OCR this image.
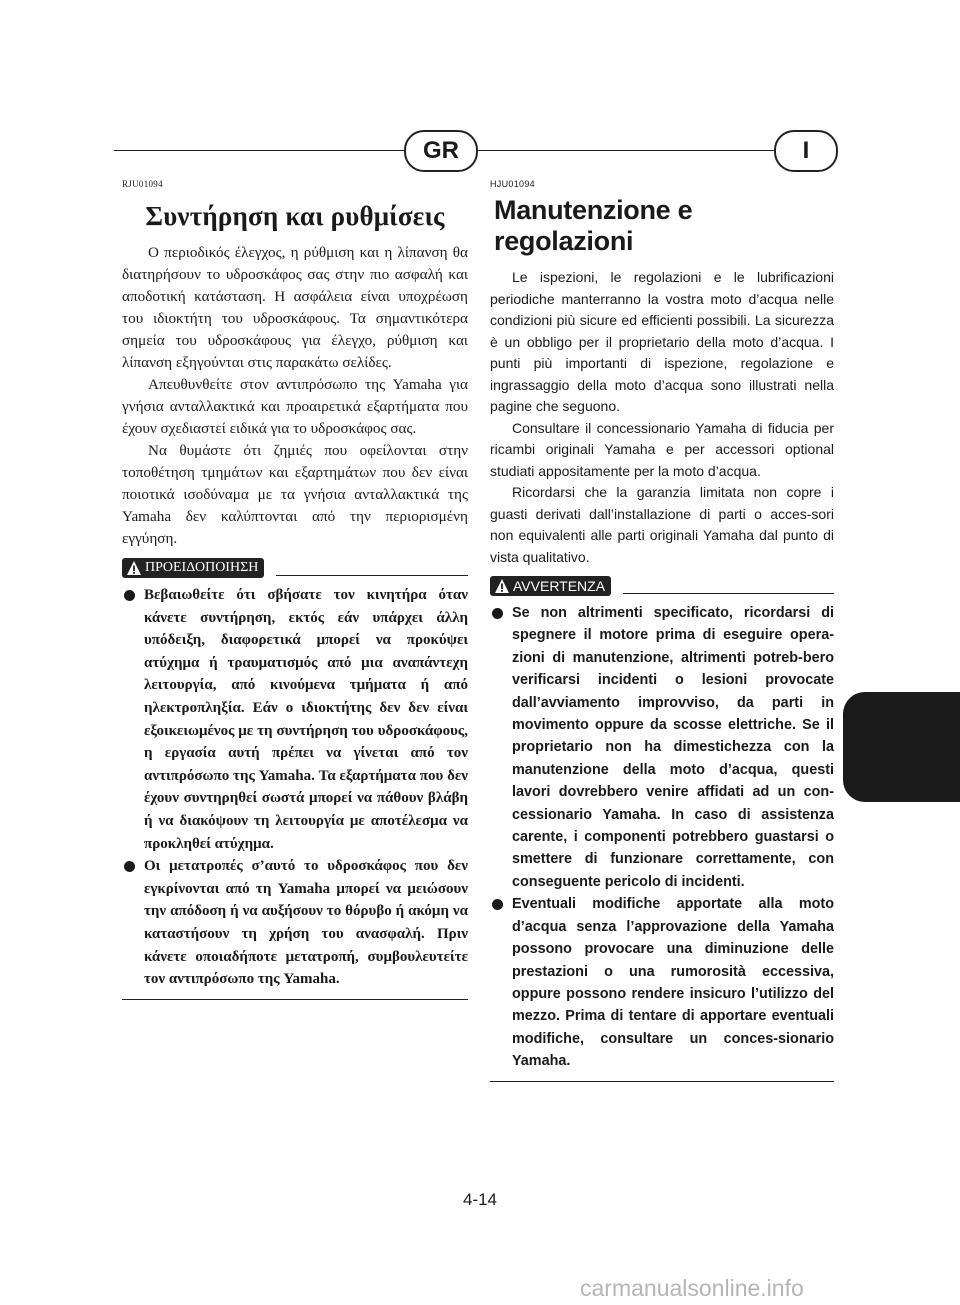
GR	I
RJU01094
Συντήρηση και ρυθμίσεις

Ο περιοδικός έλεγχος, η ρύθμιση και η λίπανση θα διατηρήσουν το υδροσκάφος σας στην πιο ασφαλή και αποδοτική κατάσταση. Η ασφάλεια είναι υποχρέωση του ιδιοκτήτη του υδροσκάφους. Τα σημαντικότερα σημεία του υδροσκάφους για έλεγχο, ρύθμιση και λίπανση εξηγούνται στις παρακάτω σελίδες.

Απευθυνθείτε στον αντιπρόσωπο της Yamaha για γνήσια ανταλλακτικά και προαιρετικά εξαρτήματα που έχουν σχεδιαστεί ειδικά για το υδροσκάφος σας.

Να θυμάστε ότι ζημιές που οφείλονται στην τοποθέτηση τμημάτων και εξαρτημάτων που δεν είναι ποιοτικά ισοδύναμα με τα γνήσια ανταλλακτικά της Yamaha δεν καλύπτονται από την περιορισμένη εγγύηση.

ΠΡΟΕΙΔΟΠΟΙΗΣΗ
Βεβαιωθείτε ότι σβήσατε τον κινητήρα όταν κάνετε συντήρηση, εκτός εάν υπάρχει άλλη υπόδειξη, διαφορετικά μπορεί να προκύψει ατύχημα ή τραυματισμός από μια αναπάντεχη λειτουργία, από κινούμενα τμήματα ή από ηλεκτροπληξία. Εάν ο ιδιοκτήτης δεν δεν είναι εξοικειωμένος με τη συντήρηση του υδροσκάφους, η εργασία αυτή πρέπει να γίνεται από τον αντιπρόσωπο της Yamaha. Τα εξαρτήματα που δεν έχουν συντηρηθεί σωστά μπορεί να πάθουν βλάβη ή να διακόψουν τη λειτουργία με αποτέλεσμα να προκληθεί ατύχημα.
Οι μετατροπές σ’αυτό το υδροσκάφος που δεν εγκρίνονται από τη Yamaha μπορεί να μειώσουν την απόδοση ή να αυξήσουν το θόρυβο ή ακόμη να καταστήσουν τη χρήση του ανασφαλή. Πριν κάνετε οποιαδήποτε μετατροπή, συμβουλευτείτε τον αντιπρόσωπο της Yamaha.
HJU01094
Manutenzione e regolazioni

Le ispezioni, le regolazioni e le lubrificazioni periodiche manterranno la vostra moto d’acqua nelle condizioni più sicure ed efficienti possibili. La sicurezza è un obbligo per il proprietario della moto d’acqua. I punti più importanti di ispezione, regolazione e ingrassaggio della moto d’acqua sono illustrati nella pagine che seguono.

Consultare il concessionario Yamaha di fiducia per ricambi originali Yamaha e per accessori optional studiati appositamente per la moto d’acqua.

Ricordarsi che la garanzia limitata non copre i guasti derivati dall’installazione di parti o acces-sori non equivalenti alle parti originali Yamaha dal punto di vista qualitativo.

AVVERTENZA
Se non altrimenti specificato, ricordarsi di spegnere il motore prima di eseguire opera-zioni di manutenzione, altrimenti potreb-bero verificarsi incidenti o lesioni provocate dall’avviamento improvviso, da parti in movimento oppure da scosse elettriche. Se il proprietario non ha dimestichezza con la manutenzione della moto d’acqua, questi lavori dovrebbero venire affidati ad un con-cessionario Yamaha. In caso di assistenza carente, i componenti potrebbero guastarsi o smettere di funzionare correttamente, con conseguente pericolo di incidenti.
Eventuali modifiche apportate alla moto d’acqua senza l’approvazione della Yamaha possono provocare una diminuzione delle prestazioni o una rumorosità eccessiva, oppure possono rendere insicuro l’utilizzo del mezzo. Prima di tentare di apportare eventuali modifiche, consultare un conces-sionario Yamaha.
4-14
carmanualsonline.info
